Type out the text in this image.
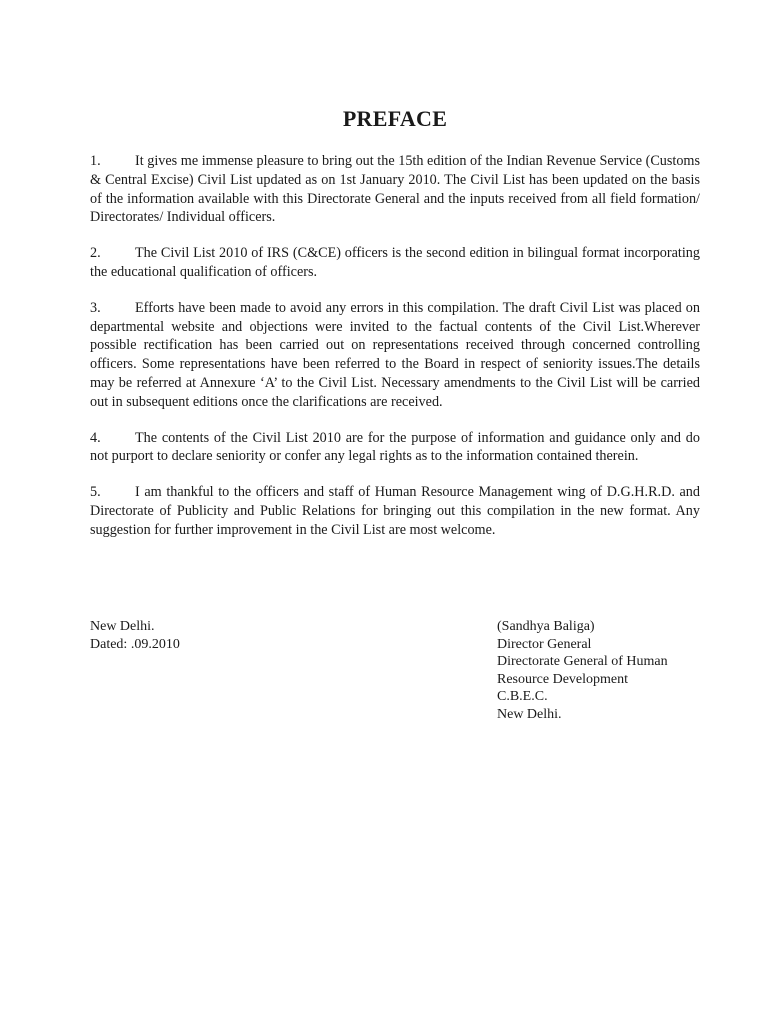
PREFACE

1. It gives me immense pleasure to bring out the 15th edition of the Indian Revenue Service (Customs & Central Excise) Civil List updated as on 1st January 2010. The Civil List has been updated on the basis of the information available with this Directorate General and the inputs received from all field formation/ Directorates/ Individual officers.

2. The Civil List 2010 of IRS (C&CE) officers is the second edition in bilingual format incorporating the educational qualification of officers.

3. Efforts have been made to avoid any errors in this compilation. The draft Civil List was placed on departmental website and objections were invited to the factual contents of the Civil List.Wherever possible rectification has been carried out on representations received through concerned controlling officers. Some representations have been referred to the Board in respect of seniority issues.The details may be referred at Annexure ‘A’ to the Civil List. Necessary amendments to the Civil List will be carried out in subsequent editions once the clarifications are received.

4. The contents of the Civil List 2010 are for the purpose of information and guidance only and do not purport to declare seniority or confer any legal rights as to the information contained therein.

5. I am thankful to the officers and staff of Human Resource Management wing of D.G.H.R.D. and Directorate of Publicity and Public Relations for bringing out this compilation in the new format. Any suggestion for further improvement in the Civil List are most welcome.

New Delhi.
Dated: .09.2010
(Sandhya Baliga)
Director General
Directorate General of Human
Resource Development
C.B.E.C.
New Delhi.
